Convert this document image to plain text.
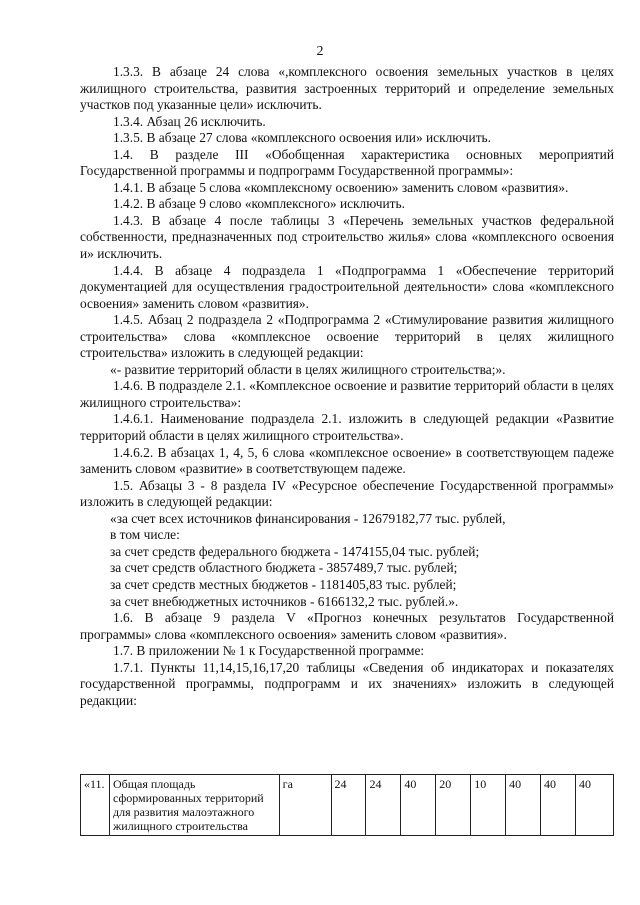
2

1.3.3. В абзаце 24 слова «,комплексного освоения земельных участков в целях жилищного строительства, развития застроенных территорий и определение земельных участков под указанные цели» исключить.

1.3.4. Абзац 26 исключить.

1.3.5. В абзаце 27 слова «комплексного освоения или» исключить.

1.4. В разделе III «Обобщенная характеристика основных мероприятий Государственной программы и подпрограмм Государственной программы»:

1.4.1. В абзаце 5 слова «комплексному освоению» заменить словом «развития».

1.4.2. В абзаце 9 слово «комплексного» исключить.

1.4.3. В абзаце 4 после таблицы 3 «Перечень земельных участков федеральной собственности, предназначенных под строительство жилья» слова «комплексного освоения и» исключить.

1.4.4. В абзаце 4 подраздела 1 «Подпрограмма 1 «Обеспечение территорий документацией для осуществления градостроительной деятельности» слова «комплексного освоения» заменить словом «развития».

1.4.5. Абзац 2 подраздела 2 «Подпрограмма 2 «Стимулирование развития жилищного строительства» слова «комплексное освоение территорий в целях жилищного строительства» изложить в следующей редакции:

«- развитие территорий области в целях жилищного строительства;».

1.4.6. В подразделе 2.1. «Комплексное освоение и развитие территорий области в целях жилищного строительства»:

1.4.6.1. Наименование подраздела 2.1. изложить в следующей редакции «Развитие территорий области в целях жилищного строительства».

1.4.6.2. В абзацах 1, 4, 5, 6 слова «комплексное освоение» в соответствующем падеже заменить словом «развитие» в соответствующем падеже.

1.5. Абзацы 3 - 8 раздела IV «Ресурсное обеспечение Государственной программы» изложить в следующей редакции:

«за счет всех источников финансирования - 12679182,77 тыс. рублей,

в том числе:

за счет средств федерального бюджета - 1474155,04 тыс. рублей;

за счет средств областного бюджета - 3857489,7 тыс. рублей;

за счет средств местных бюджетов - 1181405,83 тыс. рублей;

за счет внебюджетных источников - 6166132,2 тыс. рублей.».

1.6. В абзаце 9 раздела V «Прогноз конечных результатов Государственной программы» слова «комплексного освоения» заменить словом «развития».

1.7. В приложении № 1 к Государственной программе:

1.7.1. Пункты 11,14,15,16,17,20 таблицы «Сведения об индикаторах и показателях государственной программы, подпрограмм и их значениях» изложить в следующей редакции:

«11.	Общая площадь сформированных территорий для развития малоэтажного жилищного строительства	га	24	24	40	20	10	40	40	40
